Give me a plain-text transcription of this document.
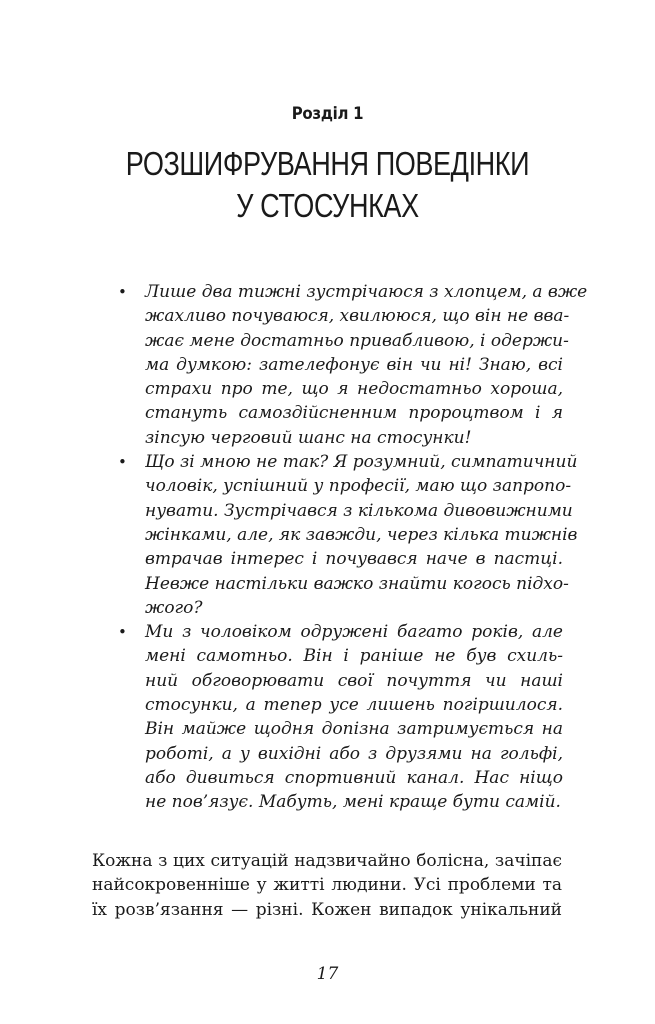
Розділ 1
РОЗШИФРУВАННЯ ПОВЕДІНКИ
У СТОСУНКАХ
• Лише два тижні зустрічаюся з хлопцем, а вже
жахливо почуваюся, хвилююся, що він не вва-
жає мене достатньо привабливою, і одержи-
ма думкою: зателефонує він чи ні! Знаю, всі
страхи про те, що я недостатньо хороша,
стануть самоздійсненним пророцтвом і я
зіпсую черговий шанс на стосунки!
• Що зі мною не так? Я розумний, симпатичний
чоловік, успішний у професії, маю що запропо-
нувати. Зустрічався з кількома дивовижними
жінками, але, як завжди, через кілька тижнів
втрачав інтерес і почувався наче в пастці.
Невже настільки важко знайти когось підхо-
жого?
• Ми з чоловіком одружені багато років, але
мені самотньо. Він і раніше не був схиль-
ний обговорювати свої почуття чи наші
стосунки, а тепер усе лишень погіршилося.
Він майже щодня допізна затримується на
роботі, а у вихідні або з друзями на гольфі,
або дивиться спортивний канал. Нас ніщо
не пов’язує. Мабуть, мені краще бути самій.
Кожна з цих ситуацій надзвичайно болісна, зачіпає
найсокровенніше у житті людини. Усі проблеми та
їх розв’язання — різні. Кожен випадок унікальний
17
